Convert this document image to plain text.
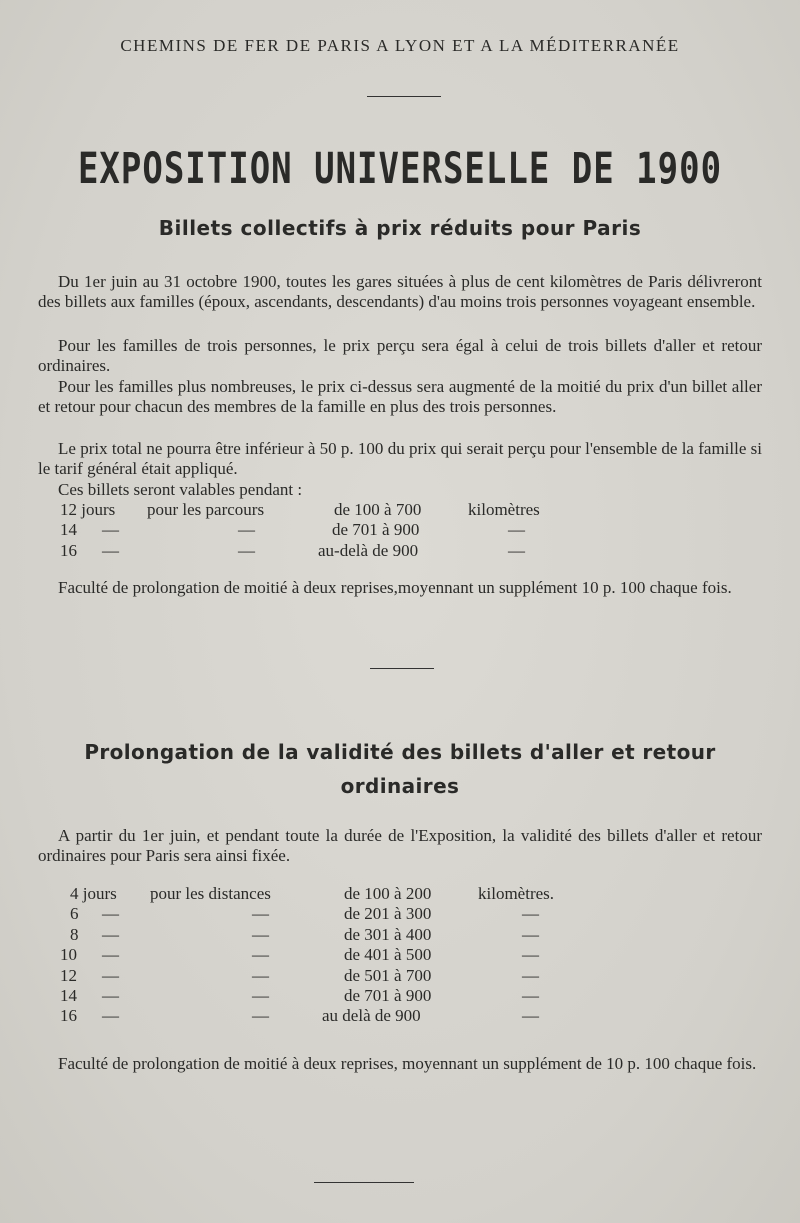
CHEMINS DE FER DE PARIS A LYON ET A LA MÉDITERRANÉE
EXPOSITION UNIVERSELLE DE 1900
Billets collectifs à prix réduits pour Paris
Du 1er juin au 31 octobre 1900, toutes les gares situées à plus de cent kilomètres de Paris délivreront des billets aux familles (époux, ascendants, descendants) d'au moins trois personnes voyageant ensemble.
Pour les familles de trois personnes, le prix perçu sera égal à celui de trois billets d'aller et retour ordinaires.
Pour les familles plus nombreuses, le prix ci-dessus sera augmenté de la moitié du prix d'un billet aller et retour pour chacun des membres de la famille en plus des trois personnes.
Le prix total ne pourra être inférieur à 50 p. 100 du prix qui serait perçu pour l'ensemble de la famille si le tarif général était appliqué.
Ces billets seront valables pendant :
12 jours pour les parcours	de 100 à 700	kilomètres
14 —	—	de 701 à 900	—
16 —	—	au-delà de 900	—
Faculté de prolongation de moitié à deux reprises,moyennant un supplément 10 p. 100 chaque fois.
Prolongation de la validité des billets d'aller et retour
ordinaires
A partir du 1er juin, et pendant toute la durée de l'Exposition, la validité des billets d'aller et retour ordinaires pour Paris sera ainsi fixée.
4 jours pour les distances	de 100 à 200	kilomètres.
6 —	—	de 201 à 300	—
8 —	—	de 301 à 400	—
10 —	—	de 401 à 500	—
12 —	—	de 501 à 700	—
14 —	—	de 701 à 900	—
16 —	—	au delà de 900	—
Faculté de prolongation de moitié à deux reprises, moyennant un supplément de 10 p. 100 chaque fois.
